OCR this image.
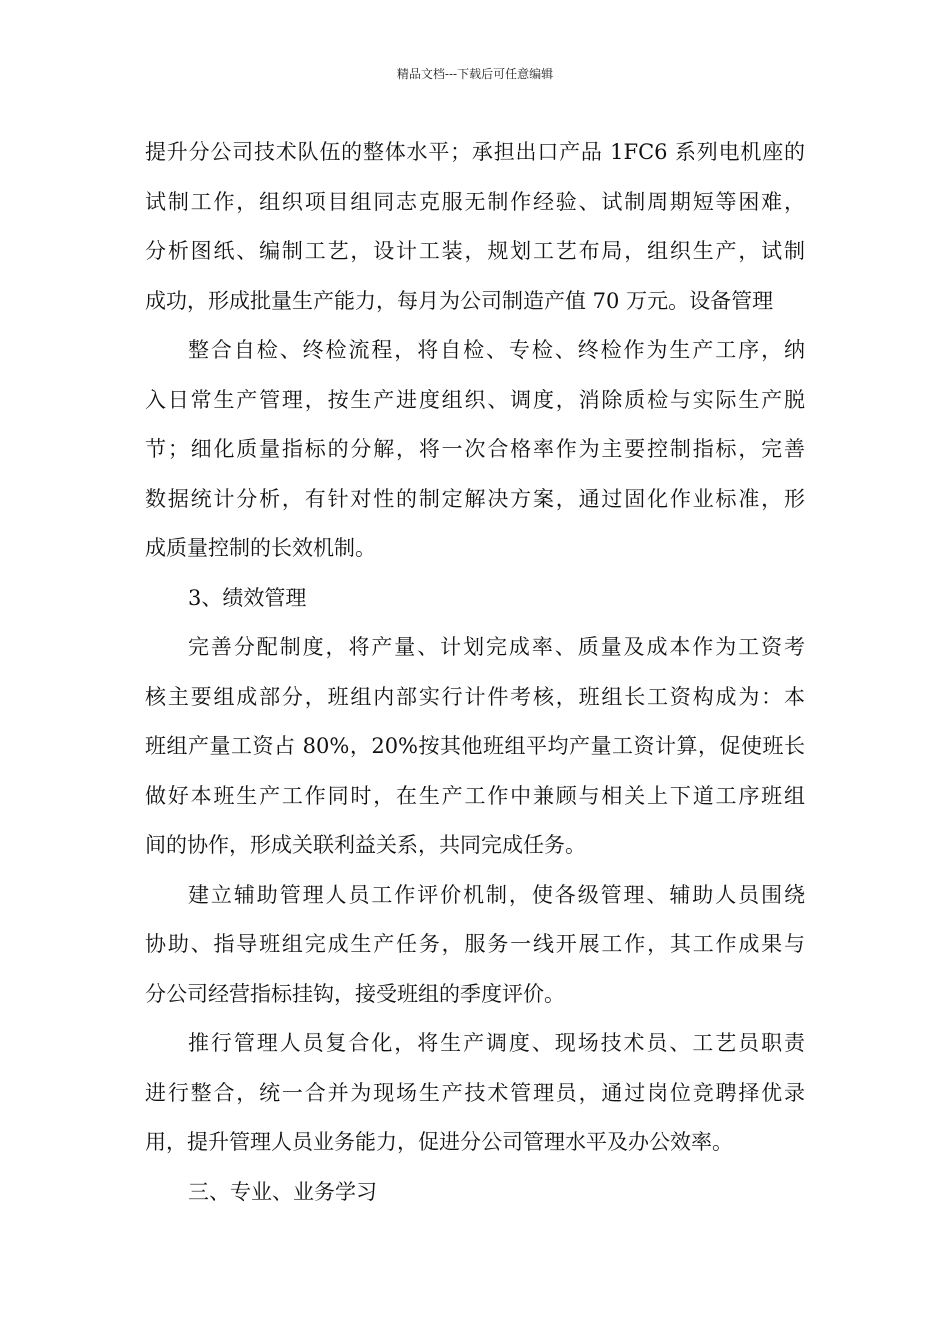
精品文档---下载后可任意编辑
提升分公司技术队伍的整体水平；承担出口产品 1FC6 系列电机座的
试制工作，组织项目组同志克服无制作经验、试制周期短等困难，
分析图纸、编制工艺，设计工装，规划工艺布局，组织生产，试制
成功，形成批量生产能力，每月为公司制造产值 70 万元。设备管理
整合自检、终检流程，将自检、专检、终检作为生产工序，纳
入日常生产管理，按生产进度组织、调度，消除质检与实际生产脱
节；细化质量指标的分解，将一次合格率作为主要控制指标，完善
数据统计分析，有针对性的制定解决方案，通过固化作业标准，形
成质量控制的长效机制。
3、绩效管理
完善分配制度，将产量、计划完成率、质量及成本作为工资考
核主要组成部分，班组内部实行计件考核，班组长工资构成为：本
班组产量工资占 80%，20%按其他班组平均产量工资计算，促使班长
做好本班生产工作同时，在生产工作中兼顾与相关上下道工序班组
间的协作，形成关联利益关系，共同完成任务。
建立辅助管理人员工作评价机制，使各级管理、辅助人员围绕
协助、指导班组完成生产任务，服务一线开展工作，其工作成果与
分公司经营指标挂钩，接受班组的季度评价。
推行管理人员复合化，将生产调度、现场技术员、工艺员职责
进行整合，统一合并为现场生产技术管理员，通过岗位竞聘择优录
用，提升管理人员业务能力，促进分公司管理水平及办公效率。
三、专业、业务学习
